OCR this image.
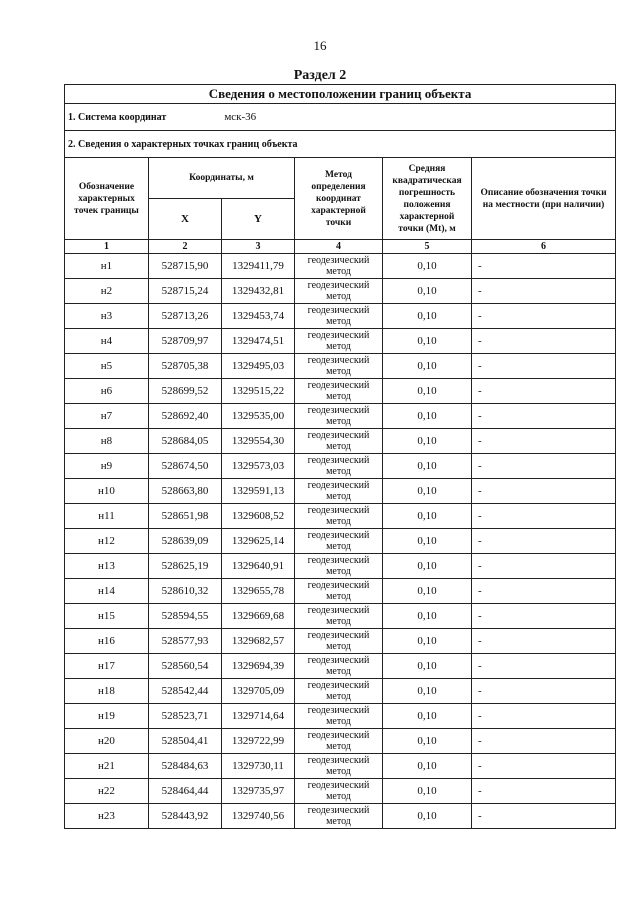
16
Раздел 2
Сведения о местоположении границ объекта					
1. Система координат мск-36					
2. Сведения о характерных точках границ объекта					
Обозначение характерных точек границы	Координаты, м		Метод определения координат характерной точки	Средняя квадратическая погрешность положения характерной точки (Mt), м	Описание обозначения точки на местности (при наличии)
	X	Y			
1	2	3	4	5	6
н1	528715,90	1329411,79	геодезический метод	0,10	-
н2	528715,24	1329432,81	геодезический метод	0,10	-
н3	528713,26	1329453,74	геодезический метод	0,10	-
н4	528709,97	1329474,51	геодезический метод	0,10	-
н5	528705,38	1329495,03	геодезический метод	0,10	-
н6	528699,52	1329515,22	геодезический метод	0,10	-
н7	528692,40	1329535,00	геодезический метод	0,10	-
н8	528684,05	1329554,30	геодезический метод	0,10	-
н9	528674,50	1329573,03	геодезический метод	0,10	-
н10	528663,80	1329591,13	геодезический метод	0,10	-
н11	528651,98	1329608,52	геодезический метод	0,10	-
н12	528639,09	1329625,14	геодезический метод	0,10	-
н13	528625,19	1329640,91	геодезический метод	0,10	-
н14	528610,32	1329655,78	геодезический метод	0,10	-
н15	528594,55	1329669,68	геодезический метод	0,10	-
н16	528577,93	1329682,57	геодезический метод	0,10	-
н17	528560,54	1329694,39	геодезический метод	0,10	-
н18	528542,44	1329705,09	геодезический метод	0,10	-
н19	528523,71	1329714,64	геодезический метод	0,10	-
н20	528504,41	1329722,99	геодезический метод	0,10	-
н21	528484,63	1329730,11	геодезический метод	0,10	-
н22	528464,44	1329735,97	геодезический метод	0,10	-
н23	528443,92	1329740,56	геодезический метод	0,10	-
